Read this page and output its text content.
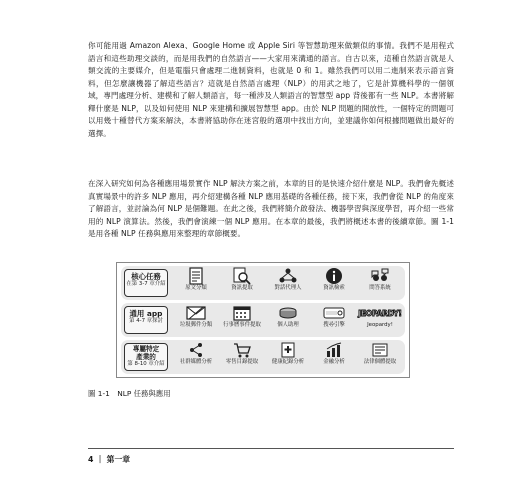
你可能用過 Amazon Alexa、Google Home 或 Apple Siri 等智慧助理來做類似的事情。我們不是用程式語言和這些助理交談的，而是用我們的自然語言——大家用來溝通的語言。自古以來，這種自然語言就是人類交流的主要媒介，但是電腦只會處理二進制資料，也就是 0 和 1。雖然我們可以用二進制來表示語言資料，但怎麼讓機器了解這些語言？這就是自然語言處理（NLP）的用武之地了，它是計算機科學的一個領域，專門處理分析、建模和了解人類語言，每一種涉及人類語言的智慧型 app 背後都有一些 NLP。本書將解釋什麼是 NLP，以及如何使用 NLP 來建構和擴展智慧型 app。由於 NLP 問題的開放性，一個特定的問題可以用幾十種替代方案來解決，本書將協助你在迷宮般的選項中找出方向，並建議你如何根據問題做出最好的選擇。
在深入研究如何為各種應用場景實作 NLP 解決方案之前，本章的目的是快速介紹什麼是 NLP。我們會先概述真實場景中的許多 NLP 應用，再介紹建構各種 NLP 應用基礎的各種任務，接下來，我們會從 NLP 的角度來了解語言，並討論為何 NLP 是個難題。在此之後，我們將簡介啟發法、機器學習與深度學習，再介紹一些常用的 NLP 演算法。然後，我們會演練一個 NLP 應用。在本章的最後，我們將概述本書的後續章節。圖 1-1 是用各種 NLP 任務與應用來整理的章節概要。
核心任務
在第 3-7 章介紹
原文分類	資訊提取	對話代理人	資訊檢索	問答系統
通用 app
第 4-7 章探討
垃圾郵件分類	行事曆事件提取	個人助理	搜尋引擎
JEOPARDY!
Jeopardy!
專屬特定產業的
第 8-10 章介紹	社群媒體分析	零售目錄提取	健康紀錄分析	金融分析	法律個體提取
圖 1-1　NLP 任務與應用
4 ｜ 第一章
